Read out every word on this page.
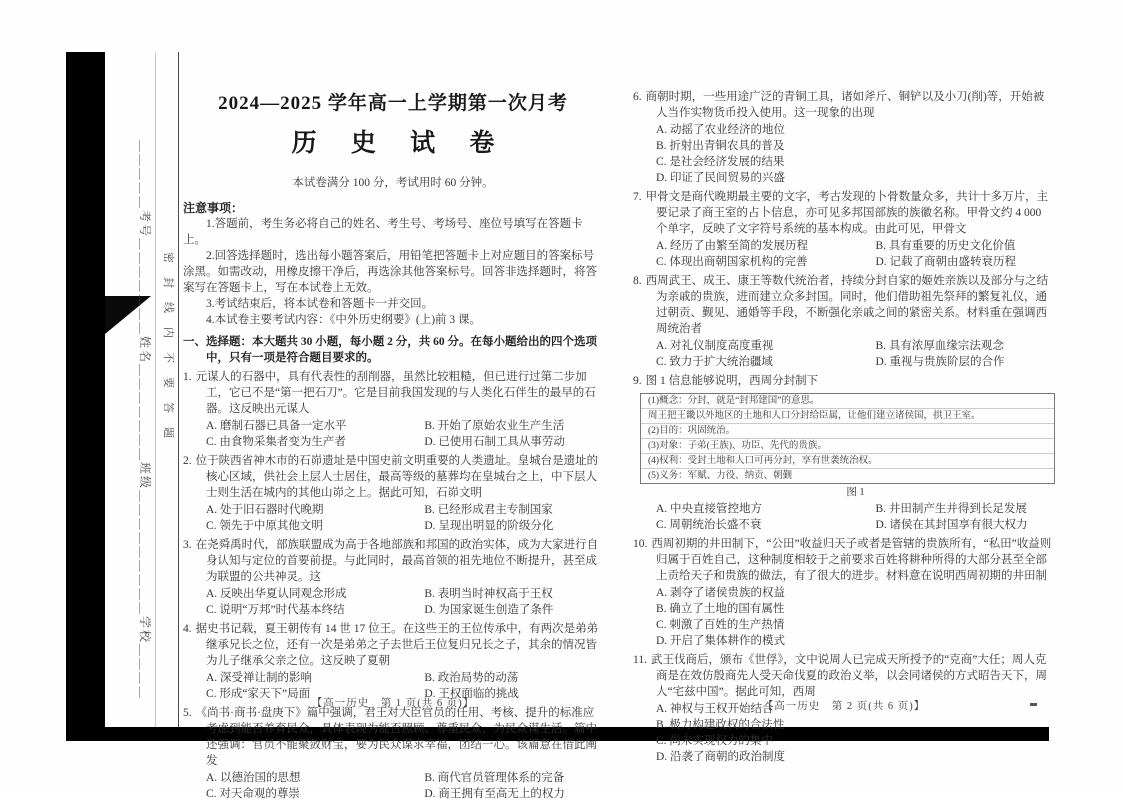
＿＿＿＿＿考号＿＿＿＿＿＿＿姓名＿＿＿＿＿＿＿班级＿＿＿＿＿＿＿＿＿学校＿＿＿＿ 密封线内不要答题
2024—2025 学年高一上学期第一次月考
历 史 试 卷
本试卷满分 100 分，考试用时 60 分钟。
注意事项：
1.答题前，考生务必将自己的姓名、考生号、考场号、座位号填写在答题卡上。
2.回答选择题时，选出每小题答案后，用铅笔把答题卡上对应题目的答案标号涂黑。如需改动，用橡皮擦干净后，再选涂其他答案标号。回答非选择题时，将答案写在答题卡上，写在本试卷上无效。
3.考试结束后，将本试卷和答题卡一并交回。
4.本试卷主要考试内容：《中外历史纲要》(上)前 3 课。
一、选择题：本大题共 30 小题，每小题 2 分，共 60 分。在每小题给出的四个选项中，只有一项是符合题目要求的。
1. 元谋人的石器中，具有代表性的刮削器，虽然比较粗糙，但已进行过第二步加工，它已不是“第一把石刀”。它是目前我国发现的与人类化石伴生的最早的石器。这反映出元谋人
A. 磨制石器已具备一定水平	B. 开始了原始农业生产生活
C. 由食物采集者变为生产者	D. 已使用石制工具从事劳动
2. 位于陕西省神木市的石峁遗址是中国史前文明重要的人类遗址。皇城台是遗址的核心区域，供社会上层人士居住，最高等级的墓葬均在皇城台之上，中下层人士则生活在城内的其他山峁之上。据此可知，石峁文明
A. 处于旧石器时代晚期	B. 已经形成君主专制国家
C. 领先于中原其他文明	D. 呈现出明显的阶级分化
3. 在尧舜禹时代，部族联盟成为高于各地部族和邦国的政治实体，成为大家进行自身认知与定位的首要前提。与此同时，最高首领的祖先地位不断提升，甚至成为联盟的公共神灵。这
A. 反映出华夏认同观念形成	B. 表明当时神权高于王权
C. 说明“万邦”时代基本终结	D. 为国家诞生创造了条件
4. 据史书记载，夏王朝传有 14 世 17 位王。在这些王的王位传承中，有两次是弟弟继承兄长之位，还有一次是弟弟之子去世后王位复归兄长之子，其余的情况皆为儿子继承父亲之位。这反映了夏朝
A. 深受禅让制的影响	B. 政治局势的动荡
C. 形成“家天下”局面	D. 王权面临的挑战
5. 《尚书·商书·盘庚下》篇中强调，君王对大臣官员的任用、考核、提升的标准应考虑到能否养育民众，具体表现为能否照顾、尊重民众，为民众谋生活。篇中还强调：官员不能聚敛财宝，要为民众谋求幸福，团结一心。该篇意在借此阐发
A. 以德治国的思想	B. 商代官员管理体系的完备
C. 对天命观的尊崇	D. 商王拥有至高无上的权力
6. 商朝时期，一些用途广泛的青铜工具，诸如斧斤、铜铲以及小刀(削)等，开始被人当作实物货币投入使用。这一现象的出现
A. 动摇了农业经济的地位
B. 折射出青铜农具的普及
C. 是社会经济发展的结果
D. 印证了民间贸易的兴盛
7. 甲骨文是商代晚期最主要的文字，考古发现的卜骨数量众多，共计十多万片，主要记录了商王室的占卜信息，亦可见多邦国部族的族徽名称。甲骨文约 4 000 个单字，反映了文字符号系统的基本构成。由此可见，甲骨文
A. 经历了由繁至简的发展历程	B. 具有重要的历史文化价值
C. 体现出商朝国家机构的完善	D. 记载了商朝由盛转衰历程
8. 西周武王、成王、康王等数代统治者，持续分封自家的姬姓亲族以及部分与之结为亲戚的贵族，进而建立众多封国。同时，他们借助祖先祭拜的繁复礼仪，通过朝贡、觐见、通婚等手段，不断强化亲戚之间的紧密关系。材料重在强调西周统治者
A. 对礼仪制度高度重视	B. 具有浓厚血缘宗法观念
C. 致力于扩大统治疆域	D. 重视与贵族阶层的合作
9. 图 1 信息能够说明，西周分封制下
(1)概念：分封，就是“封邦建国”的意思。
周王把王畿以外地区的土地和人口分封给臣属，让他们建立诸侯国，拱卫王室。
(2)目的：巩固统治。
(3)对象：子弟(王族)、功臣、先代的贵族。
(4)权利：受封土地和人口可再分封，享有世袭统治权。
(5)义务：军赋、力役、纳贡、朝觐
图 1
A. 中央直接管控地方	B. 井田制产生并得到长足发展
C. 周朝统治长盛不衰	D. 诸侯在其封国享有很大权力
10. 西周初期的井田制下，“公田”收益归天子或者是管辖的贵族所有，“私田”收益则归属于百姓自己，这种制度相较于之前要求百姓将耕种所得的大部分甚至全部上贡给天子和贵族的做法，有了很大的进步。材料意在说明西周初期的井田制
A. 剥夺了诸侯贵族的权益
B. 确立了土地的国有属性
C. 刺激了百姓的生产热情
D. 开启了集体耕作的模式
11. 武王伐商后，颁布《世俘》，文中说周人已完成天所授予的“克商”大任；周人克商是在效仿殷商先人受天命伐夏的政治义举，以会同诸侯的方式昭告天下，周人“宅兹中国”。据此可知，西周
A. 神权与王权开始结合
B. 极力构建政权的合法性
C. 尚未实现权力的集中
D. 沿袭了商朝的政治制度
【高一历史　第 1 页(共 6 页)】	【高一历史　第 2 页(共 6 页)】
